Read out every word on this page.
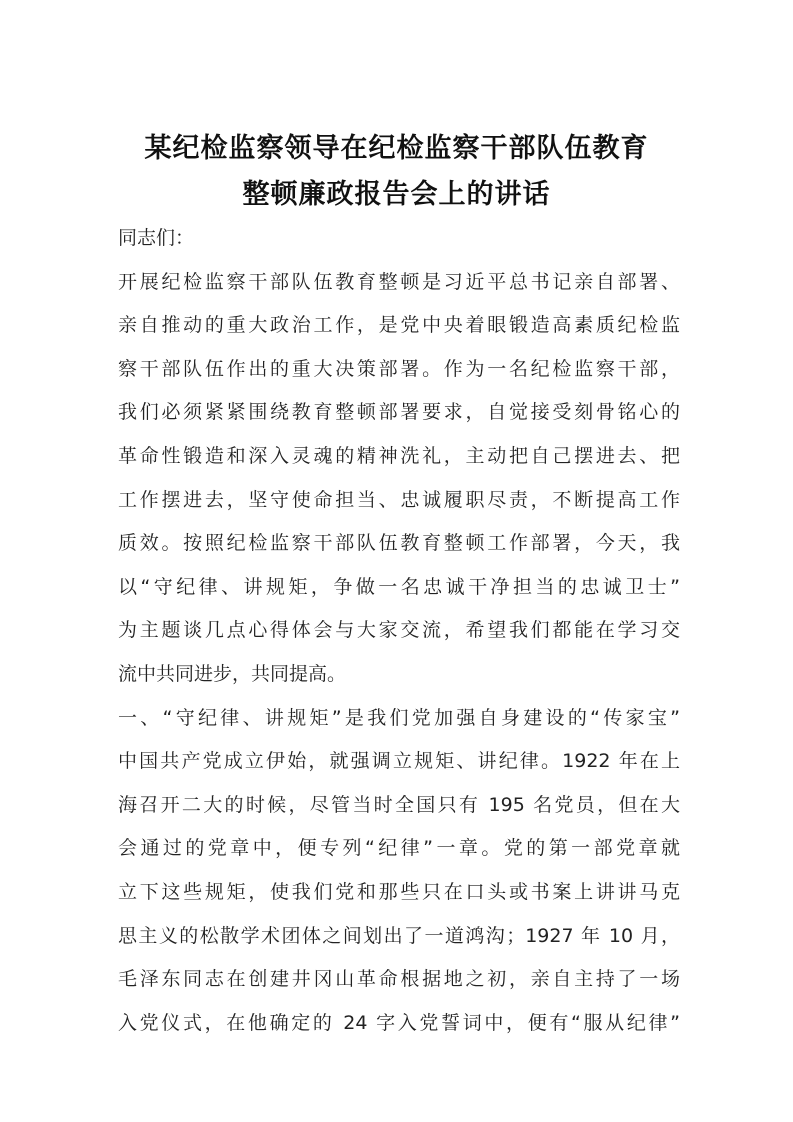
某纪检监察领导在纪检监察干部队伍教育
整顿廉政报告会上的讲话
同志们：
开展纪检监察干部队伍教育整顿是习近平总书记亲自部署、
亲自推动的重大政治工作，是党中央着眼锻造高素质纪检监
察干部队伍作出的重大决策部署。作为一名纪检监察干部，
我们必须紧紧围绕教育整顿部署要求，自觉接受刻骨铭心的
革命性锻造和深入灵魂的精神洗礼，主动把自己摆进去、把
工作摆进去，坚守使命担当、忠诚履职尽责，不断提高工作
质效。按照纪检监察干部队伍教育整顿工作部署，今天，我
以“守纪律、讲规矩，争做一名忠诚干净担当的忠诚卫士”
为主题谈几点心得体会与大家交流，希望我们都能在学习交
流中共同进步，共同提高。
一、“守纪律、讲规矩”是我们党加强自身建设的“传家宝”
中国共产党成立伊始，就强调立规矩、讲纪律。1922 年在上
海召开二大的时候，尽管当时全国只有 195 名党员，但在大
会通过的党章中，便专列“纪律”一章。党的第一部党章就
立下这些规矩，使我们党和那些只在口头或书案上讲讲马克
思主义的松散学术团体之间划出了一道鸿沟；1927 年 10 月，
毛泽东同志在创建井冈山革命根据地之初，亲自主持了一场
入党仪式，在他确定的 24 字入党誓词中，便有“服从纪律”
